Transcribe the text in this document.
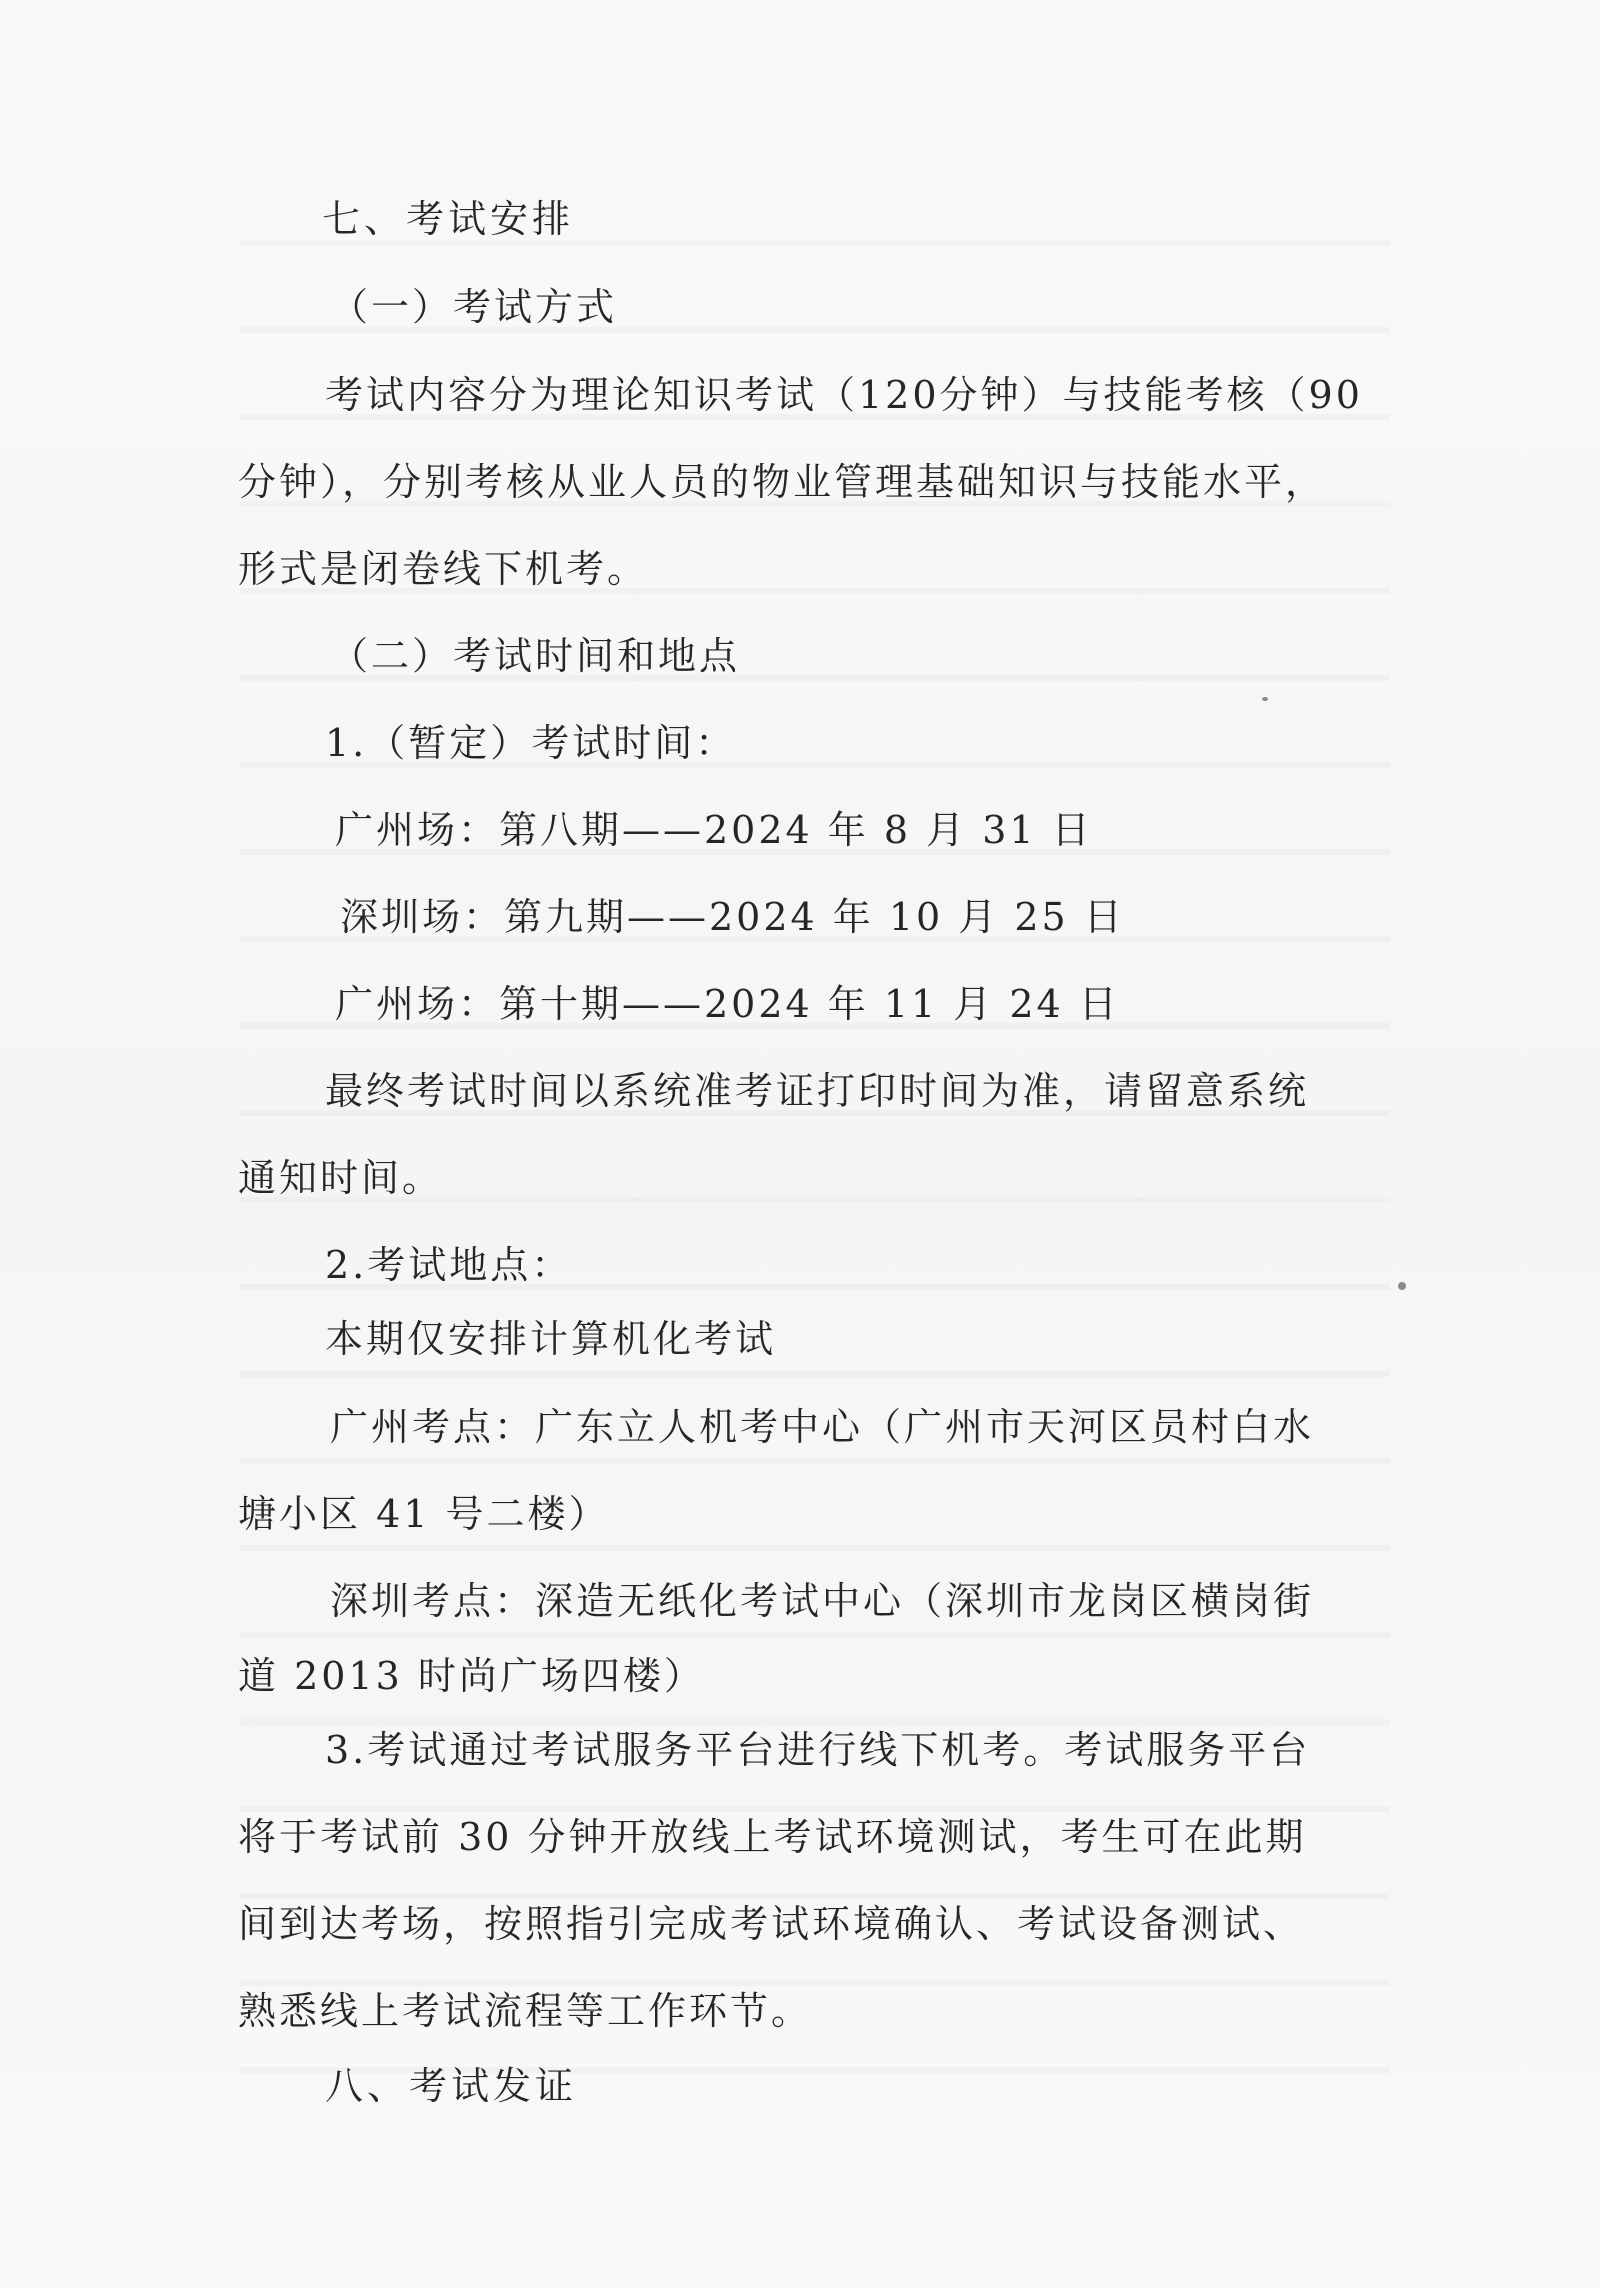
七、考试安排
（一）考试方式
考试内容分为理论知识考试（120分钟）与技能考核（90
分钟），分别考核从业人员的物业管理基础知识与技能水平，
形式是闭卷线下机考。
（二）考试时间和地点
1.（暂定）考试时间：
广州场：第八期——2024 年 8 月 31 日
深圳场：第九期——2024 年 10 月 25 日
广州场：第十期——2024 年 11 月 24 日
最终考试时间以系统准考证打印时间为准，请留意系统
通知时间。
2.考试地点：
本期仅安排计算机化考试
广州考点：广东立人机考中心（广州市天河区员村白水
塘小区 41 号二楼）
深圳考点：深造无纸化考试中心（深圳市龙岗区横岗街
道 2013 时尚广场四楼）
3.考试通过考试服务平台进行线下机考。考试服务平台
将于考试前 30 分钟开放线上考试环境测试，考生可在此期
间到达考场，按照指引完成考试环境确认、考试设备测试、
熟悉线上考试流程等工作环节。
八、考试发证
